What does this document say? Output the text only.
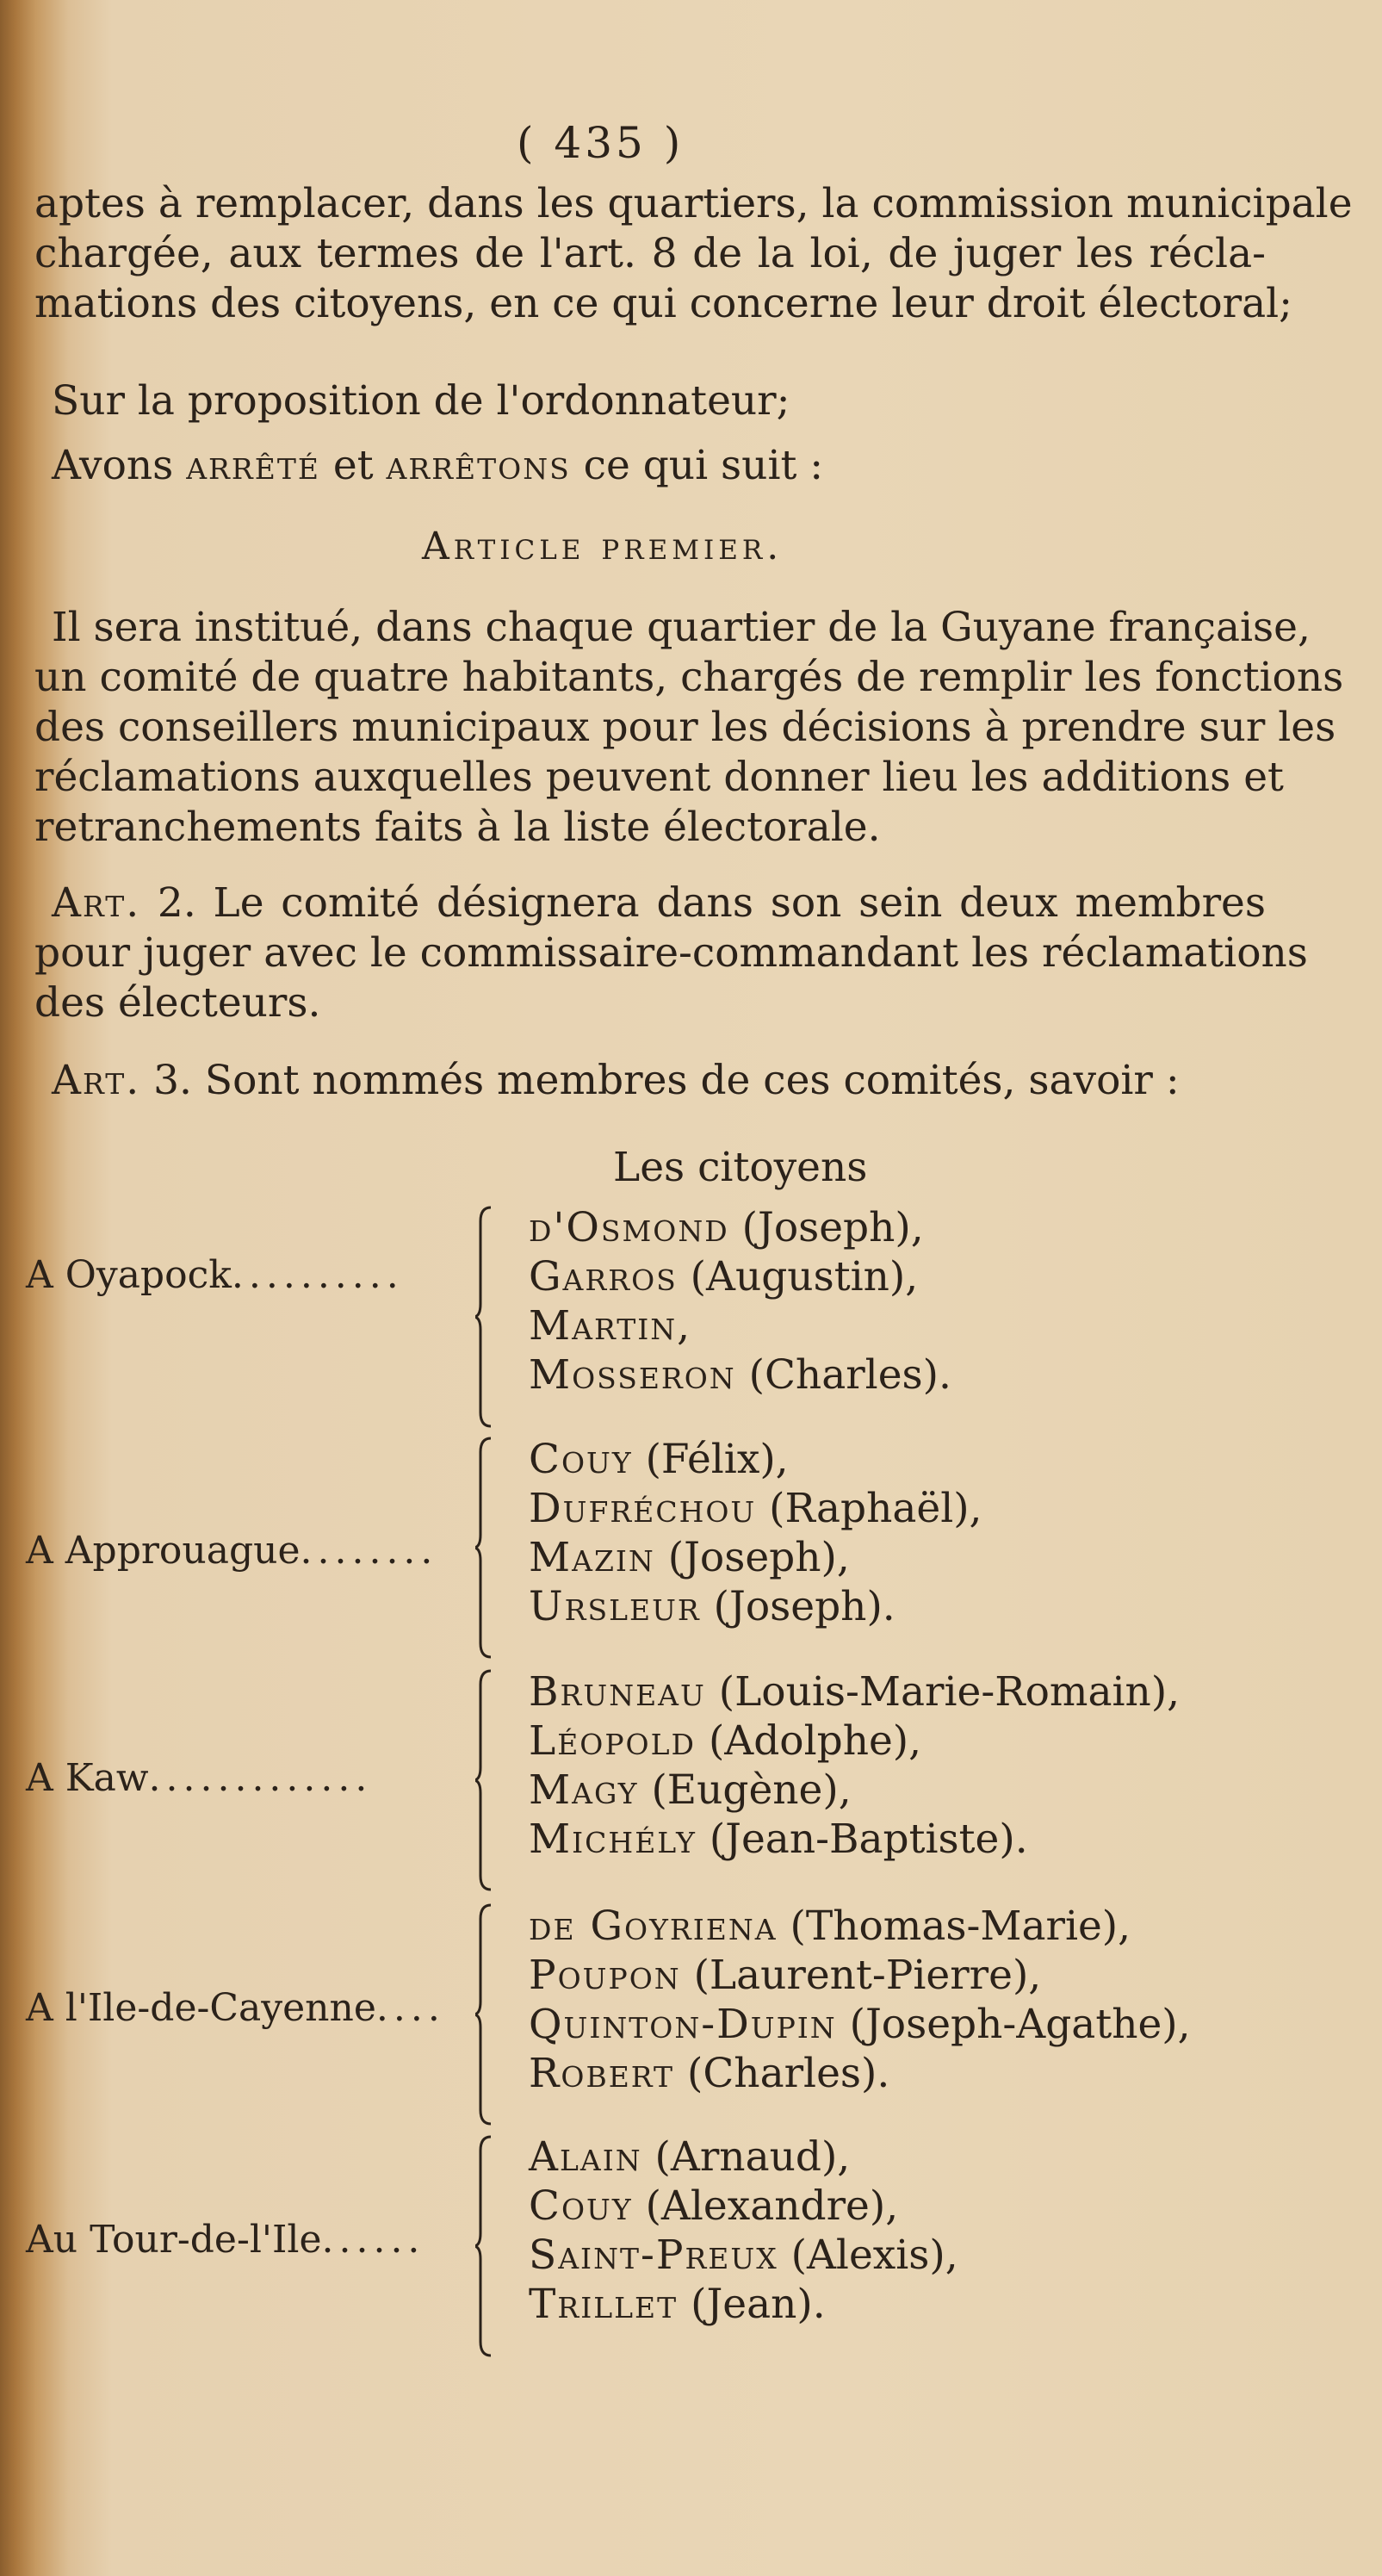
( 435 )
aptes à remplacer, dans les quartiers, la commission municipale
chargée, aux termes de l'art. 8 de la loi, de juger les récla-
mations des citoyens, en ce qui concerne leur droit électoral;
Sur la proposition de l'ordonnateur;
Avons arrêté et arrêtons ce qui suit :
Article premier.
Il sera institué, dans chaque quartier de la Guyane française,
un comité de quatre habitants, chargés de remplir les fonctions
des conseillers municipaux pour les décisions à prendre sur les
réclamations auxquelles peuvent donner lieu les additions et
retranchements faits à la liste électorale.
Art. 2. Le comité désignera dans son sein deux membres
pour juger avec le commissaire-commandant les réclamations
des électeurs.
Art. 3. Sont nommés membres de ces comités, savoir :
Les citoyens
A Oyapock..........
d'Osmond (Joseph),
Garros (Augustin),
Martin,
Mosseron (Charles).
A Approuague........
Couy (Félix),
Dufréchou (Raphaël),
Mazin (Joseph),
Ursleur (Joseph).
A Kaw.............
Bruneau (Louis-Marie-Romain),
Léopold (Adolphe),
Magy (Eugène),
Michély (Jean-Baptiste).
A l'Ile-de-Cayenne....
de Goyriena (Thomas-Marie),
Poupon (Laurent-Pierre),
Quinton-Dupin (Joseph-Agathe),
Robert (Charles).
Au Tour-de-l'Ile......
Alain (Arnaud),
Couy (Alexandre),
Saint-Preux (Alexis),
Trillet (Jean).
